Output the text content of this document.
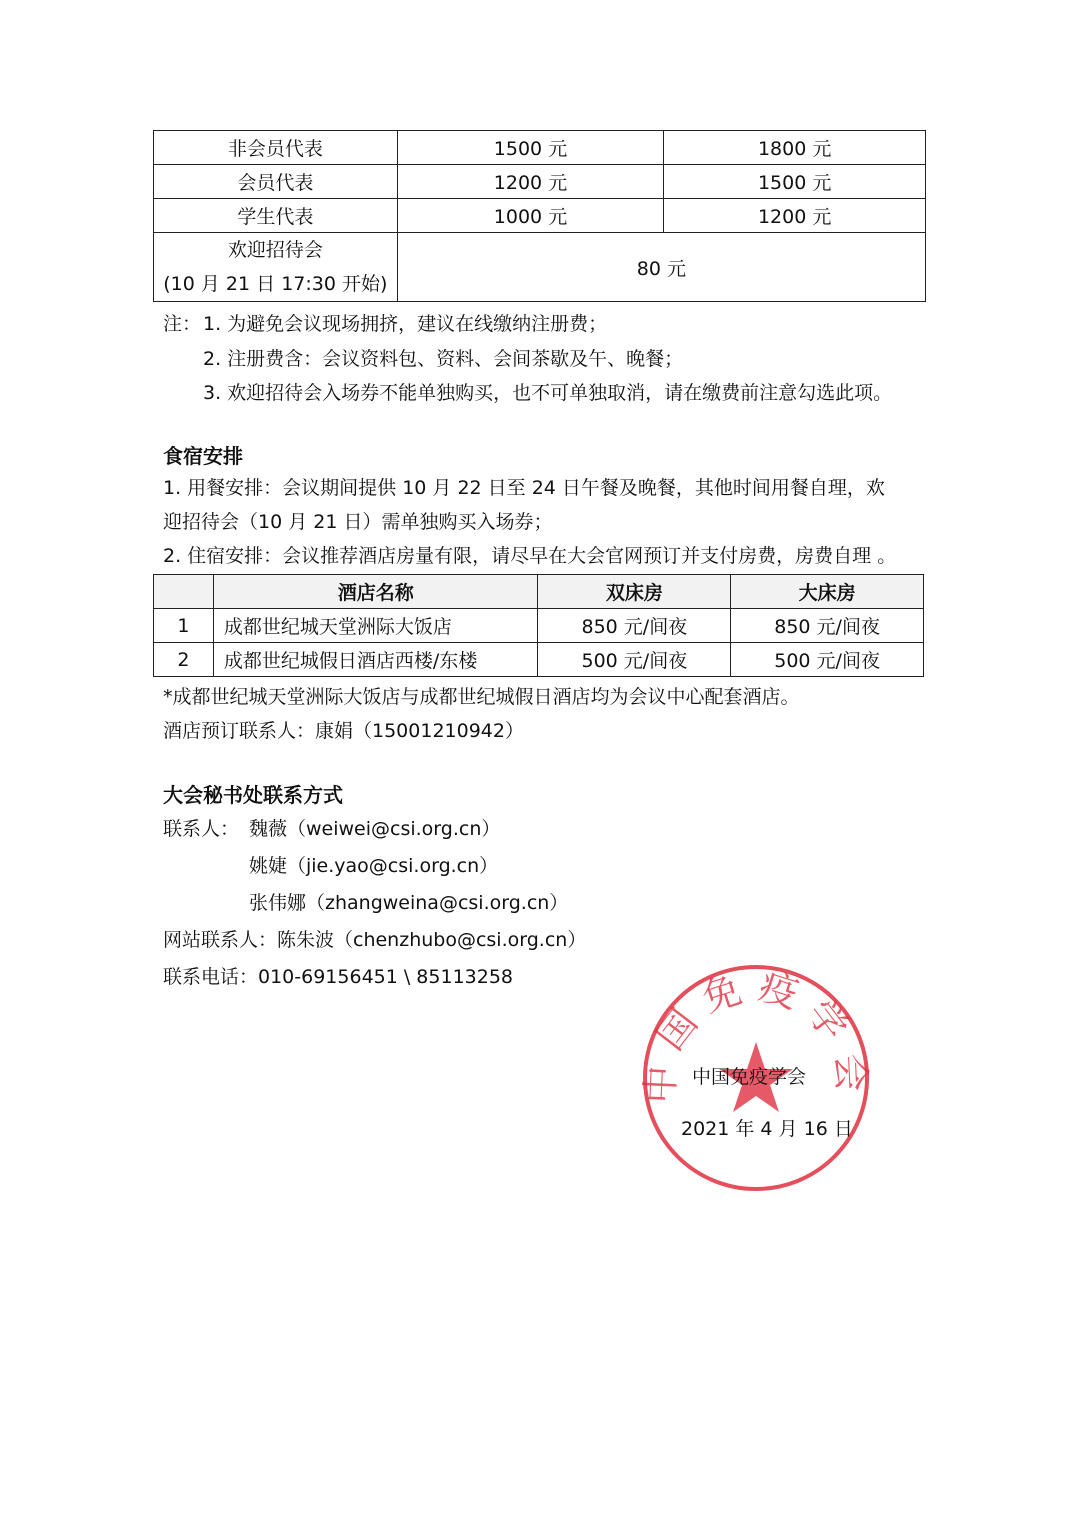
非会员代表	1500 元	1800 元
会员代表	1200 元	1500 元
学生代表	1000 元	1200 元

欢迎招待会
(10 月 21 日 17:30 开始)	80 元	
注： 1. 为避免会议现场拥挤，建议在线缴纳注册费；
2. 注册费含：会议资料包、资料、会间茶歇及午、晚餐；
3. 欢迎招待会入场券不能单独购买，也不可单独取消，请在缴费前注意勾选此项。
食宿安排
1. 用餐安排：会议期间提供 10 月 22 日至 24 日午餐及晚餐，其他时间用餐自理，欢
迎招待会（10 月 21 日）需单独购买入场券；
2. 住宿安排：会议推荐酒店房量有限，请尽早在大会官网预订并支付房费，房费自理 。
	酒店名称	双床房	大床房
1	成都世纪城天堂洲际大饭店	850 元/间夜	850 元/间夜
2	成都世纪城假日酒店西楼/东楼	500 元/间夜	500 元/间夜
*成都世纪城天堂洲际大饭店与成都世纪城假日酒店均为会议中心配套酒店。
酒店预订联系人：康娟（15001210942）
大会秘书处联系方式
联系人： 魏薇（weiwei@csi.org.cn）
姚婕（jie.yao@csi.org.cn）
张伟娜（zhangweina@csi.org.cn）
网站联系人：陈朱波（chenzhubo@csi.org.cn）
联系电话：010-69156451 \ 85113258
中国免疫学会
中国免疫学会
2021 年 4 月 16 日
